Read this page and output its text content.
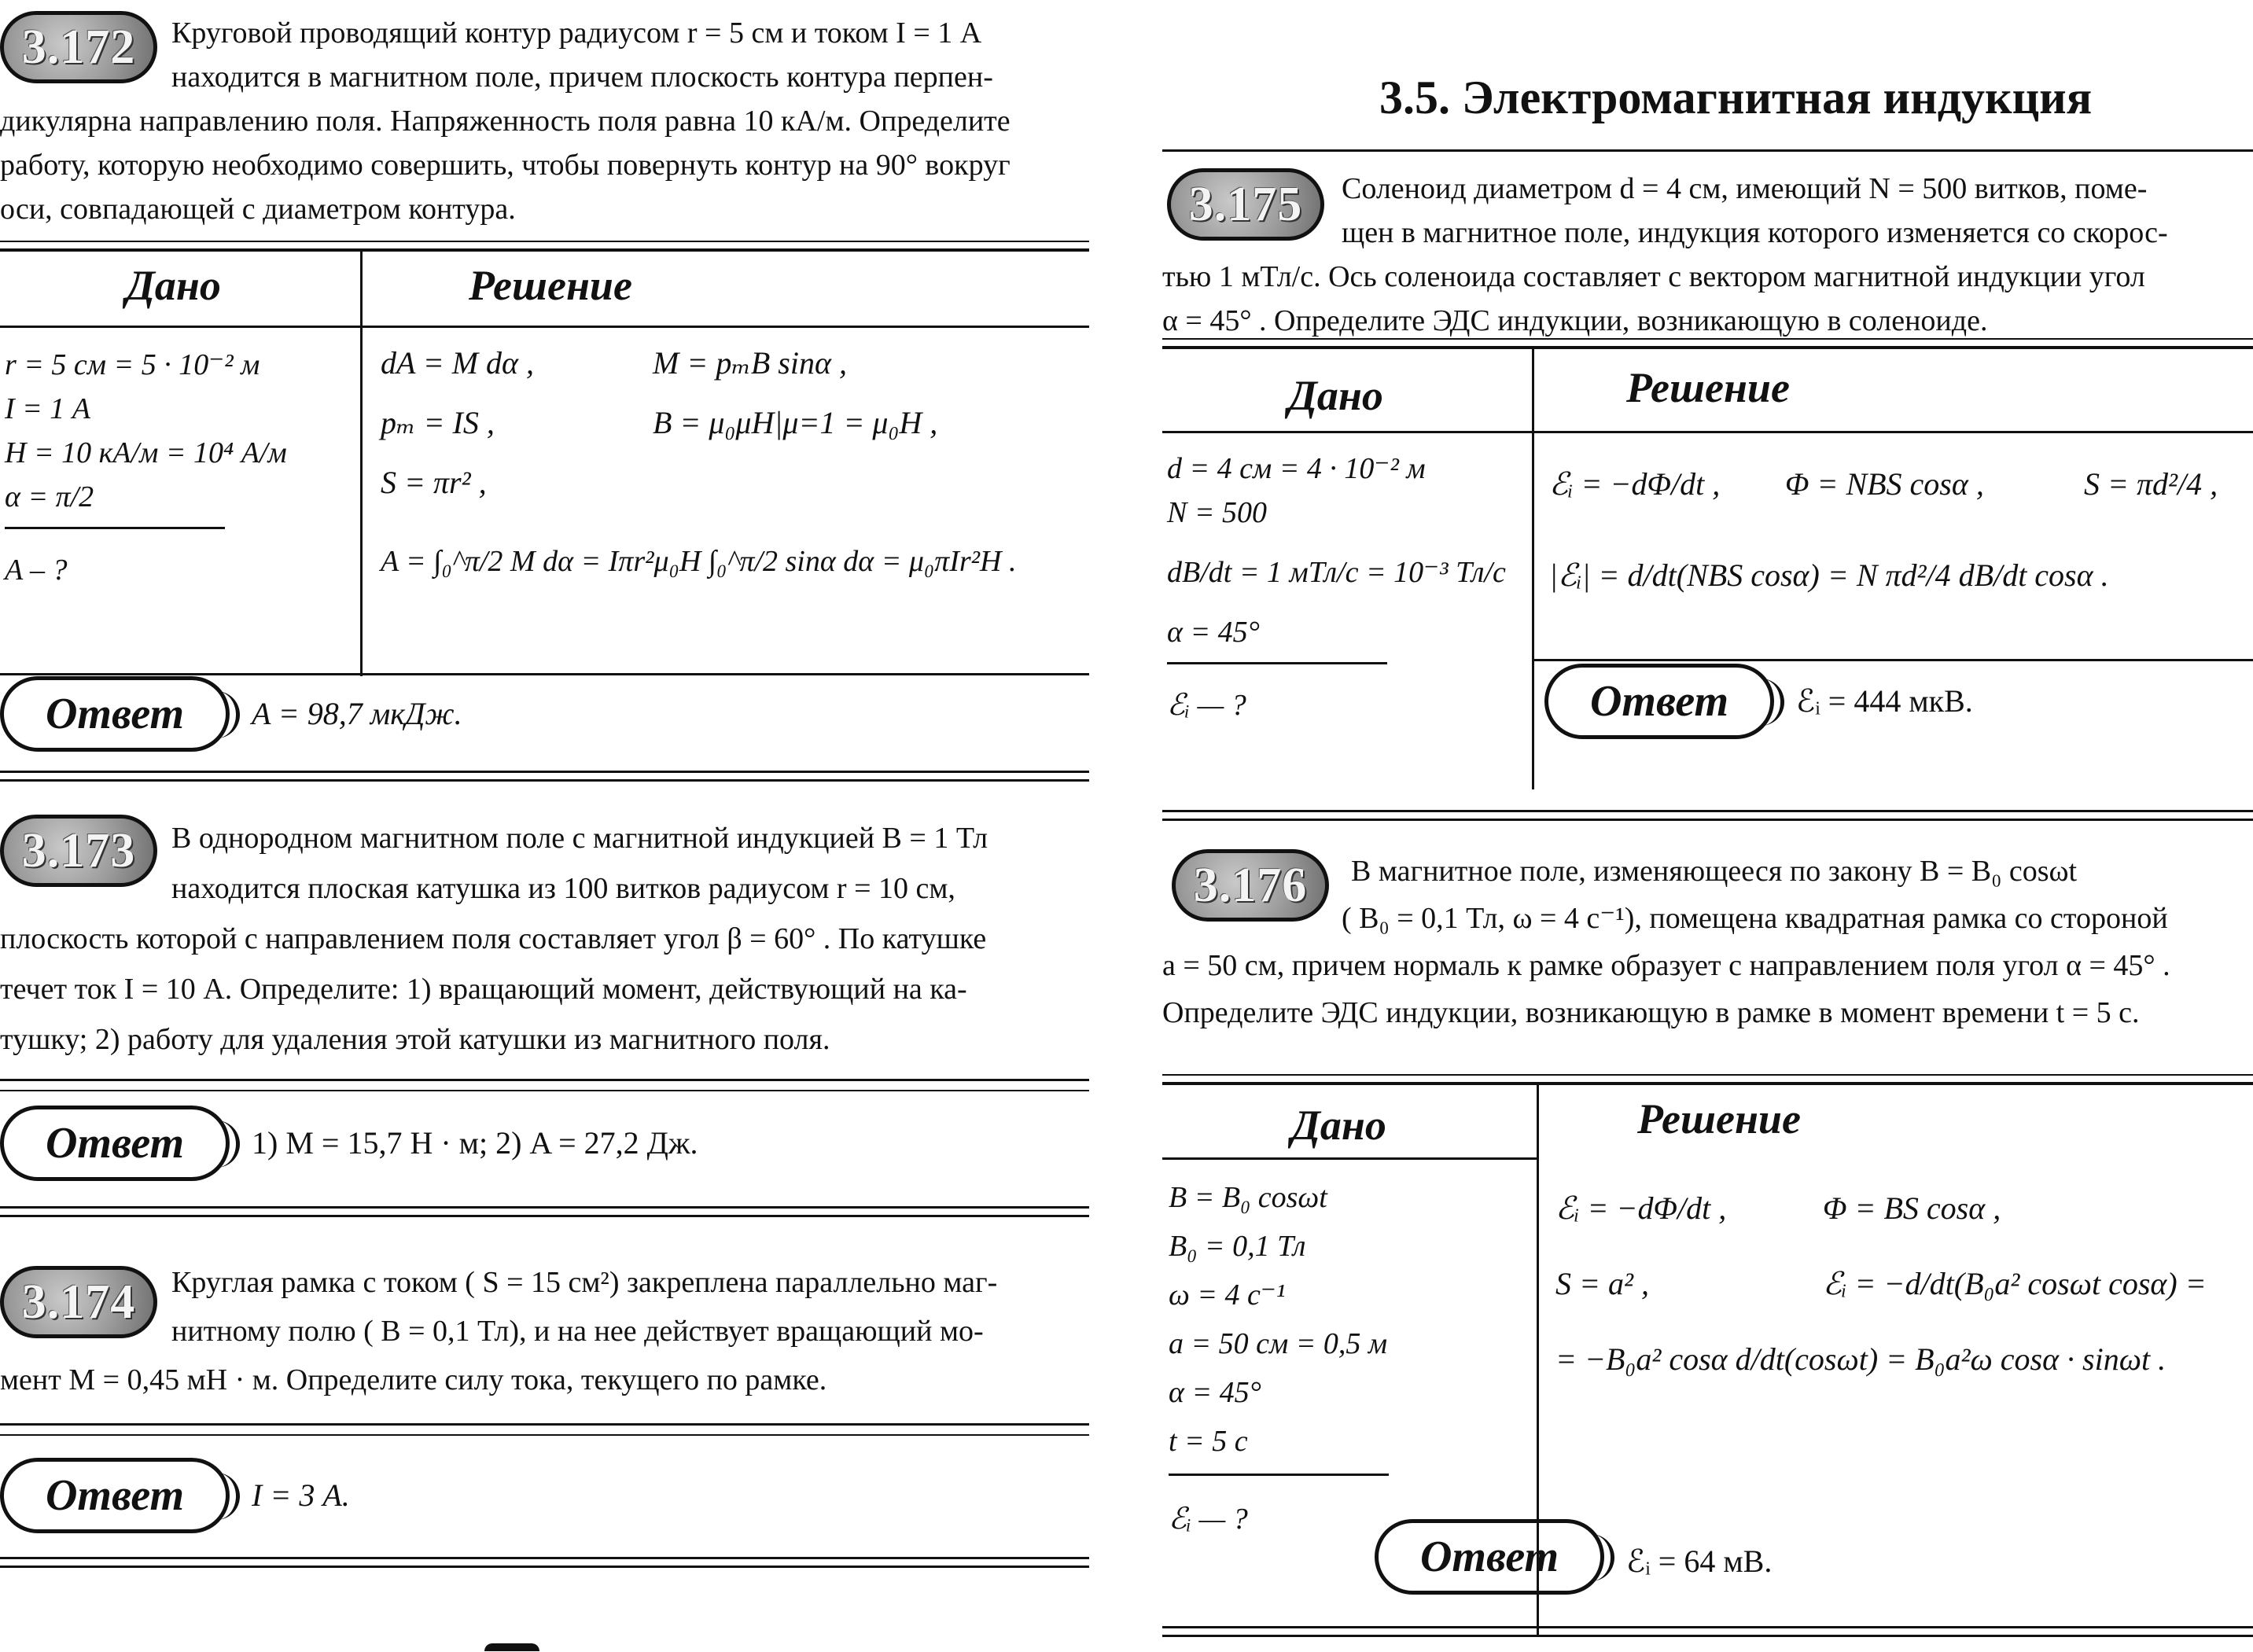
Круговой проводящий контур радиусом r = 5 см и током I = 1 А
находится в магнитном поле, причем плоскость контура перпен-
дикулярна направлению поля. Напряженность поля равна 10 кА/м. Определите
работу, которую необходимо совершить, чтобы повернуть контур на 90° вокруг
оси, совпадающей с диаметром контура.
3.172
Дано	Решение
r = 5 см = 5 · 10⁻² м
I = 1 А
H = 10 кА/м = 10⁴ А/м
α = π/2
A – ?
dA = M dα ,	M = pₘB sinα ,
pₘ = IS ,	B = μ₀μH|μ=1 = μ₀H ,
S = πr² ,
A = ∫₀^π/2 M dα = Iπr²μ₀H ∫₀^π/2 sinα dα = μ₀πIr²H .
Ответ	A = 98,7 мкДж.
В однородном магнитном поле с магнитной индукцией B = 1 Тл
находится плоская катушка из 100 витков радиусом r = 10 см,
плоскость которой с направлением поля составляет угол β = 60° . По катушке
течет ток I = 10 А. Определите: 1) вращающий момент, действующий на ка-
тушку; 2) работу для удаления этой катушки из магнитного поля.
3.173
Ответ	1) M = 15,7 Н · м; 2) A = 27,2 Дж.
Круглая рамка с током ( S = 15 см²) закреплена параллельно маг-
нитному полю ( B = 0,1 Тл), и на нее действует вращающий мо-
мент M = 0,45 мН · м. Определите силу тока, текущего по рамке.
3.174
Ответ	I = 3 А.
3.5. Электромагнитная индукция
Соленоид диаметром d = 4 см, имеющий N = 500 витков, поме-
щен в магнитное поле, индукция которого изменяется со скорос-
тью 1 мТл/с. Ось соленоида составляет с вектором магнитной индукции угол
α = 45° . Определите ЭДС индукции, возникающую в соленоиде.
3.175
Дано	Решение
d = 4 см = 4 · 10⁻² м
N = 500
dB/dt = 1 мТл/с = 10⁻³ Тл/с
α = 45°
ℰᵢ — ?
ℰᵢ = −dΦ/dt , Φ = NBS cosα ,	S = πd²/4 ,
|ℰᵢ| = d/dt(NBS cosα) = N πd²/4 dB/dt cosα .
Ответ	ℰᵢ = 444 мкВ.
В магнитное поле, изменяющееся по закону B = B₀ cosωt
( B₀ = 0,1 Тл, ω = 4 с⁻¹), помещена квадратная рамка со стороной
a = 50 см, причем нормаль к рамке образует с направлением поля угол α = 45° .
Определите ЭДС индукции, возникающую в рамке в момент времени t = 5 с.
3.176
Дано	Решение
B = B₀ cosωt
B₀ = 0,1 Тл
ω = 4 с⁻¹
a = 50 см = 0,5 м
α = 45°
t = 5 с
ℰᵢ — ?
ℰᵢ = −dΦ/dt ,	Φ = BS cosα ,
S = a² ,	ℰᵢ = −d/dt(B₀a² cosωt cosα) =
= −B₀a² cosα d/dt(cosωt) = B₀a²ω cosα · sinωt .
Ответ	ℰᵢ = 64 мВ.
